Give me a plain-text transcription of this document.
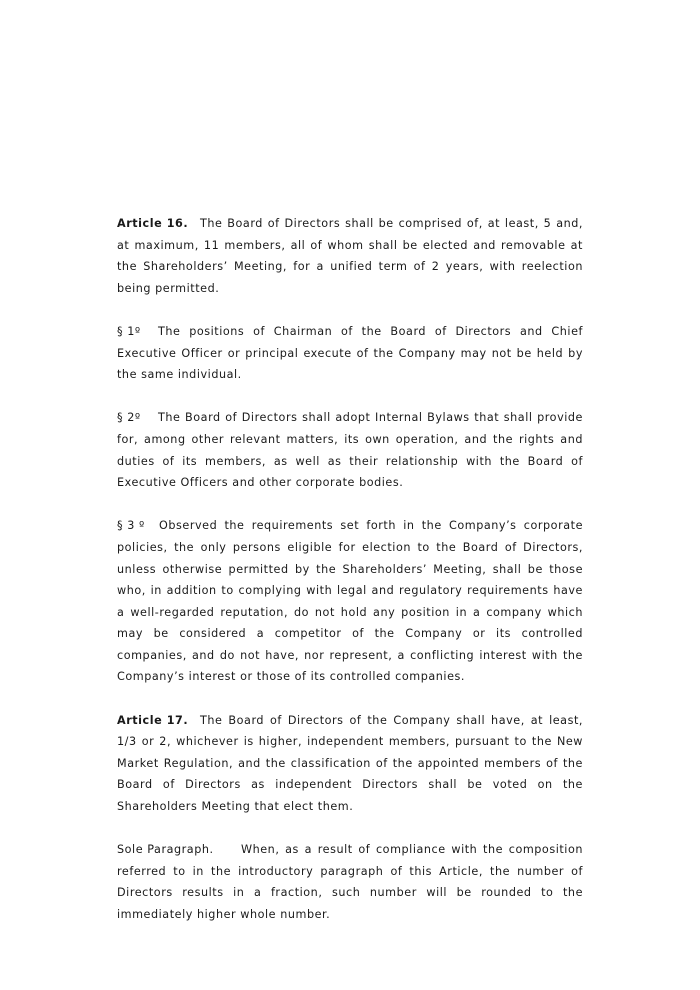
Article 16. The Board of Directors shall be comprised of, at least, 5 and, at maximum, 11 members, all of whom shall be elected and removable at the Shareholders’ Meeting, for a unified term of 2 years, with reelection being permitted.

§ 1º The positions of Chairman of the Board of Directors and Chief Executive Officer or principal execute of the Company may not be held by the same individual.

§ 2º The Board of Directors shall adopt Internal Bylaws that shall provide for, among other relevant matters, its own operation, and the rights and duties of its members, as well as their relationship with the Board of Executive Officers and other corporate bodies.

§ 3 º Observed the requirements set forth in the Company’s corporate policies, the only persons eligible for election to the Board of Directors, unless otherwise permitted by the Shareholders’ Meeting, shall be those who, in addition to complying with legal and regulatory requirements have a well-regarded reputation, do not hold any position in a company which may be considered a competitor of the Company or its controlled companies, and do not have, nor represent, a conflicting interest with the Company’s interest or those of its controlled companies.

Article 17. The Board of Directors of the Company shall have, at least, 1/3 or 2, whichever is higher, independent members, pursuant to the New Market Regulation, and the classification of the appointed members of the Board of Directors as independent Directors shall be voted on the Shareholders Meeting that elect them.

Sole Paragraph. When, as a result of compliance with the composition referred to in the introductory paragraph of this Article, the number of Directors results in a fraction, such number will be rounded to the immediately higher whole number.
